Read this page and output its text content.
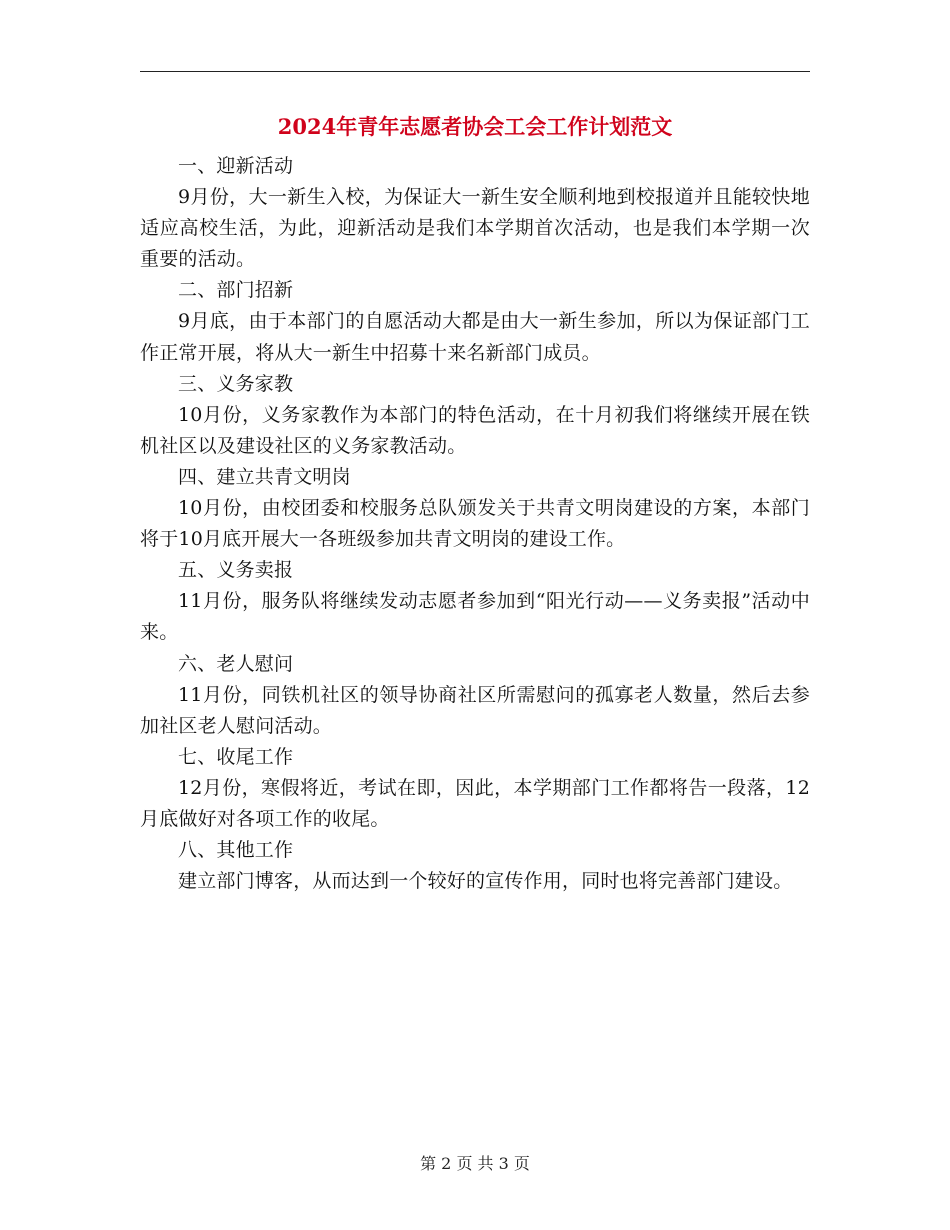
2024年青年志愿者协会工会工作计划范文

一、迎新活动

9月份，大一新生入校，为保证大一新生安全顺利地到校报道并且能较快地适应高校生活，为此，迎新活动是我们本学期首次活动，也是我们本学期一次重要的活动。

二、部门招新

9月底，由于本部门的自愿活动大都是由大一新生参加，所以为保证部门工作正常开展，将从大一新生中招募十来名新部门成员。

三、义务家教

10月份，义务家教作为本部门的特色活动，在十月初我们将继续开展在铁机社区以及建设社区的义务家教活动。

四、建立共青文明岗

10月份，由校团委和校服务总队颁发关于共青文明岗建设的方案，本部门将于10月底开展大一各班级参加共青文明岗的建设工作。

五、义务卖报

11月份，服务队将继续发动志愿者参加到“阳光行动——义务卖报”活动中来。

六、老人慰问

11月份，同铁机社区的领导协商社区所需慰问的孤寡老人数量，然后去参加社区老人慰问活动。

七、收尾工作

12月份，寒假将近，考试在即，因此，本学期部门工作都将告一段落，12月底做好对各项工作的收尾。

八、其他工作

建立部门博客，从而达到一个较好的宣传作用，同时也将完善部门建设。

第 2 页 共 3 页
